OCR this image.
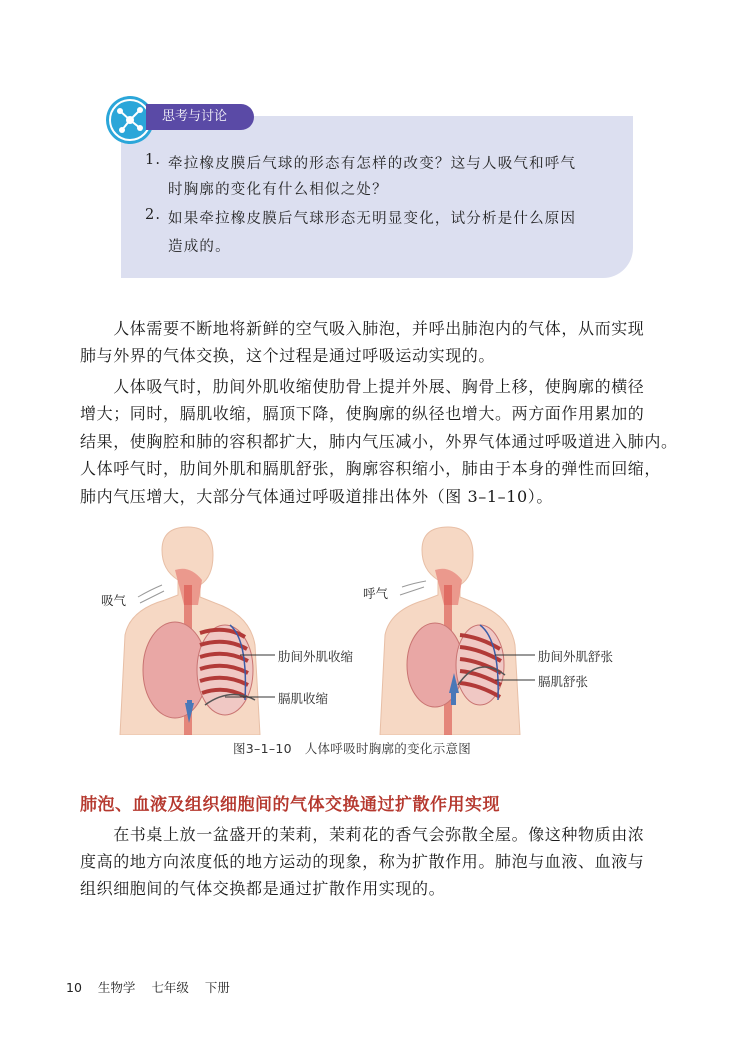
思考与讨论
1. 牵拉橡皮膜后气球的形态有怎样的改变？这与人吸气和呼气
时胸廓的变化有什么相似之处？
2. 如果牵拉橡皮膜后气球形态无明显变化，试分析是什么原因
造成的。
　　人体需要不断地将新鲜的空气吸入肺泡，并呼出肺泡内的气体，从而实现
肺与外界的气体交换，这个过程是通过呼吸运动实现的。
　　人体吸气时，肋间外肌收缩使肋骨上提并外展、胸骨上移，使胸廓的横径
增大；同时，膈肌收缩，膈顶下降，使胸廓的纵径也增大。两方面作用累加的
结果，使胸腔和肺的容积都扩大，肺内气压减小，外界气体通过呼吸道进入肺内。
人体呼气时，肋间外肌和膈肌舒张，胸廓容积缩小，肺由于本身的弹性而回缩，
肺内气压增大，大部分气体通过呼吸道排出体外（图 3–1–10）。
吸气
肋间外肌收缩
膈肌收缩
呼气
肋间外肌舒张
膈肌舒张
图3–1–10　人体呼吸时胸廓的变化示意图
肺泡、血液及组织细胞间的气体交换通过扩散作用实现
　　在书桌上放一盆盛开的茉莉，茉莉花的香气会弥散全屋。像这种物质由浓
度高的地方向浓度低的地方运动的现象，称为扩散作用。肺泡与血液、血液与
组织细胞间的气体交换都是通过扩散作用实现的。
10 生物学 七年级 下册
